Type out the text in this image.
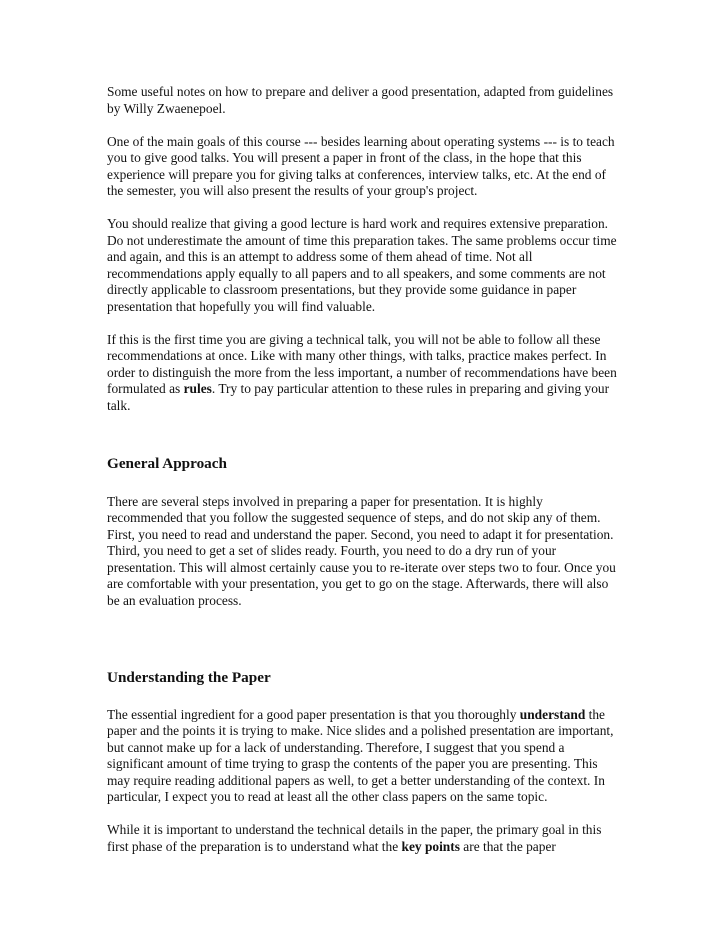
Some useful notes on how to prepare and deliver a good presentation, adapted from guidelines by Willy Zwaenepoel.

One of the main goals of this course --- besides learning about operating systems --- is to teach you to give good talks. You will present a paper in front of the class, in the hope that this experience will prepare you for giving talks at conferences, interview talks, etc. At the end of the semester, you will also present the results of your group's project.

You should realize that giving a good lecture is hard work and requires extensive preparation. Do not underestimate the amount of time this preparation takes. The same problems occur time and again, and this is an attempt to address some of them ahead of time. Not all recommendations apply equally to all papers and to all speakers, and some comments are not directly applicable to classroom presentations, but they provide some guidance in paper presentation that hopefully you will find valuable.

If this is the first time you are giving a technical talk, you will not be able to follow all these recommendations at once. Like with many other things, with talks, practice makes perfect. In order to distinguish the more from the less important, a number of recommendations have been formulated as rules. Try to pay particular attention to these rules in preparing and giving your talk.

General Approach

There are several steps involved in preparing a paper for presentation. It is highly recommended that you follow the suggested sequence of steps, and do not skip any of them. First, you need to read and understand the paper. Second, you need to adapt it for presentation. Third, you need to get a set of slides ready. Fourth, you need to do a dry run of your presentation. This will almost certainly cause you to re-iterate over steps two to four. Once you are comfortable with your presentation, you get to go on the stage. Afterwards, there will also be an evaluation process.

Understanding the Paper

The essential ingredient for a good paper presentation is that you thoroughly understand the paper and the points it is trying to make. Nice slides and a polished presentation are important, but cannot make up for a lack of understanding. Therefore, I suggest that you spend a significant amount of time trying to grasp the contents of the paper you are presenting. This may require reading additional papers as well, to get a better understanding of the context. In particular, I expect you to read at least all the other class papers on the same topic.

While it is important to understand the technical details in the paper, the primary goal in this first phase of the preparation is to understand what the key points are that the paper
